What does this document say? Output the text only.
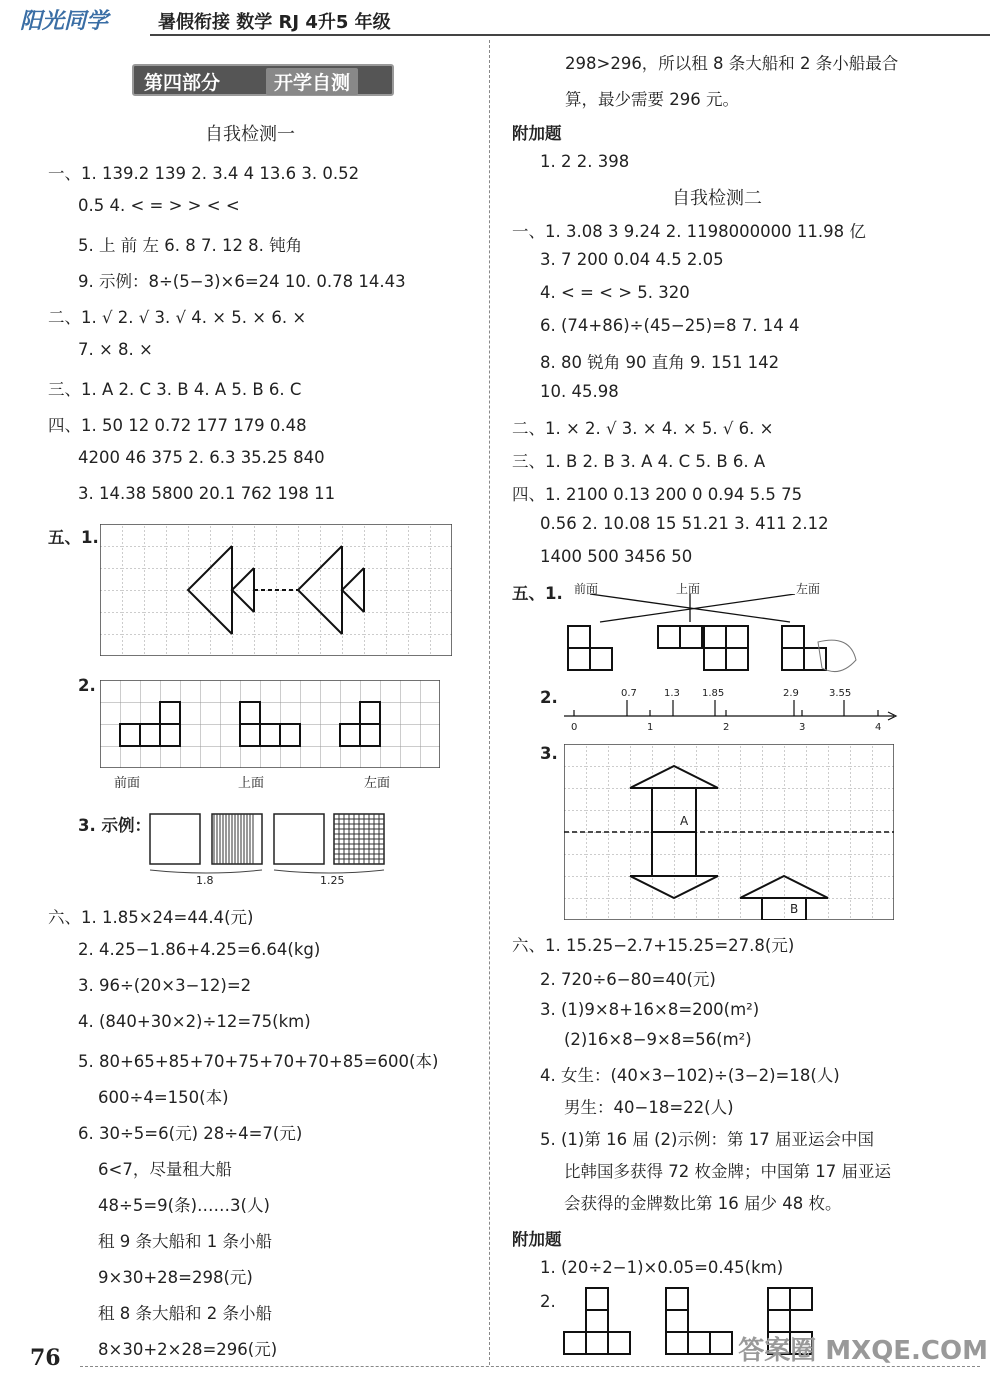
阳光同学	暑假衔接 数学 RJ 4升5 年级
第四部分	开学自测
自我检测一
一、1. 139.2 139 2. 3.4 4 13.6 3. 0.52
0.5 4. < = > > < <
5. 上 前 左 6. 8 7. 12 8. 钝角
9. 示例：8÷(5−3)×6=24 10. 0.78 14.43
二、1. √ 2. √ 3. √ 4. × 5. × 6. ×
7. × 8. ×
三、1. A 2. C 3. B 4. A 5. B 6. C
四、1. 50 12 0.72 177 179 0.48
4200 46 375 2. 6.3 35.25 840
3. 14.38 5800 20.1 762 198 11
五、1.
2.
前面	上面	左面
3. 示例：
1.8	1.25
六、1. 1.85×24=44.4(元)
2. 4.25−1.86+4.25=6.64(kg)
3. 96÷(20×3−12)=2
4. (840+30×2)÷12=75(km)
5. 80+65+85+70+75+70+70+85=600(本)
600÷4=150(本)
6. 30÷5=6(元) 28÷4=7(元)
6<7，尽量租大船
48÷5=9(条)……3(人)
租 9 条大船和 1 条小船
9×30+28=298(元)
租 8 条大船和 2 条小船
8×30+2×28=296(元)
298>296，所以租 8 条大船和 2 条小船最合
算，最少需要 296 元。
附加题
1. 2 2. 398
自我检测二
一、1. 3.08 3 9.24 2. 1198000000 11.98 亿
3. 7 200 0.04 4.5 2.05
4. < = < > 5. 320
6. (74+86)÷(45−25)=8 7. 14 4
8. 80 锐角 90 直角 9. 151 142
10. 45.98
二、1. × 2. √ 3. × 4. × 5. √ 6. ×
三、1. B 2. B 3. A 4. C 5. B 6. A
四、1. 2100 0.13 200 0 0.94 5.5 75
0.56 2. 10.08 15 51.21 3. 411 2.12
1400 500 3456 50
五、1. 前面	上面	左面
2.	0.7	1.3 1.85	2.9	3.55
0	1	2	3	4
3.
A
B
六、1. 15.25−2.7+15.25=27.8(元)
2. 720÷6−80=40(元)
3. (1)9×8+16×8=200(m²)
(2)16×8−9×8=56(m²)
4. 女生：(40×3−102)÷(3−2)=18(人)
男生：40−18=22(人)
5. (1)第 16 届 (2)示例：第 17 届亚运会中国
比韩国多获得 72 枚金牌；中国第 17 届亚运
会获得的金牌数比第 16 届少 48 枚。
附加题
1. (20÷2−1)×0.05=0.45(km)
2.
76	答案圈 MXQE.COM
